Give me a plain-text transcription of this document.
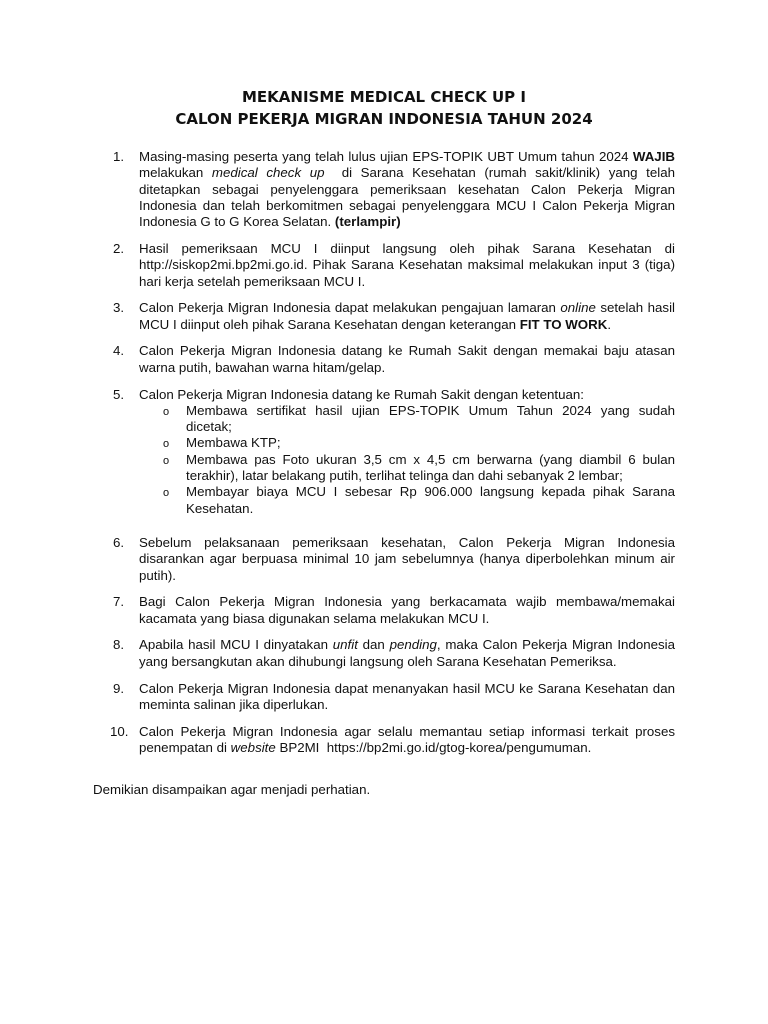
MEKANISME MEDICAL CHECK UP I
CALON PEKERJA MIGRAN INDONESIA TAHUN 2024
1.	Masing-masing peserta yang telah lulus ujian EPS-TOPIK UBT Umum tahun 2024 WAJIB melakukan medical check up  di Sarana Kesehatan (rumah sakit/klinik) yang telah ditetapkan sebagai penyelenggara pemeriksaan kesehatan Calon Pekerja Migran Indonesia dan telah berkomitmen sebagai penyelenggara MCU I Calon Pekerja Migran Indonesia G to G Korea Selatan. (terlampir)
2.	Hasil pemeriksaan MCU I diinput langsung oleh pihak Sarana Kesehatan di http://siskop2mi.bp2mi.go.id. Pihak Sarana Kesehatan maksimal melakukan input 3 (tiga) hari kerja setelah pemeriksaan MCU I.
3.	Calon Pekerja Migran Indonesia dapat melakukan pengajuan lamaran online setelah hasil MCU I diinput oleh pihak Sarana Kesehatan dengan keterangan FIT TO WORK.
4.	Calon Pekerja Migran Indonesia datang ke Rumah Sakit dengan memakai baju atasan warna putih, bawahan warna hitam/gelap.
5.	Calon Pekerja Migran Indonesia datang ke Rumah Sakit dengan ketentuan:
o Membawa sertifikat hasil ujian EPS-TOPIK Umum Tahun 2024 yang sudah dicetak;
o Membawa KTP;
o Membawa pas Foto ukuran 3,5 cm x 4,5 cm berwarna (yang diambil 6 bulan terakhir), latar belakang putih, terlihat telinga dan dahi sebanyak 2 lembar;
o Membayar biaya MCU I sebesar Rp 906.000 langsung kepada pihak Sarana Kesehatan.
6.	Sebelum pelaksanaan pemeriksaan kesehatan, Calon Pekerja Migran Indonesia disarankan agar berpuasa minimal 10 jam sebelumnya (hanya diperbolehkan minum air putih).
7.	Bagi Calon Pekerja Migran Indonesia yang berkacamata wajib membawa/memakai kacamata yang biasa digunakan selama melakukan MCU I.
8.	Apabila hasil MCU I dinyatakan unfit dan pending, maka Calon Pekerja Migran Indonesia yang bersangkutan akan dihubungi langsung oleh Sarana Kesehatan Pemeriksa.
9.	Calon Pekerja Migran Indonesia dapat menanyakan hasil MCU ke Sarana Kesehatan dan meminta salinan jika diperlukan.
10. Calon Pekerja Migran Indonesia agar selalu memantau setiap informasi terkait proses penempatan di website BP2MI  https://bp2mi.go.id/gtog-korea/pengumuman.
Demikian disampaikan agar menjadi perhatian.
